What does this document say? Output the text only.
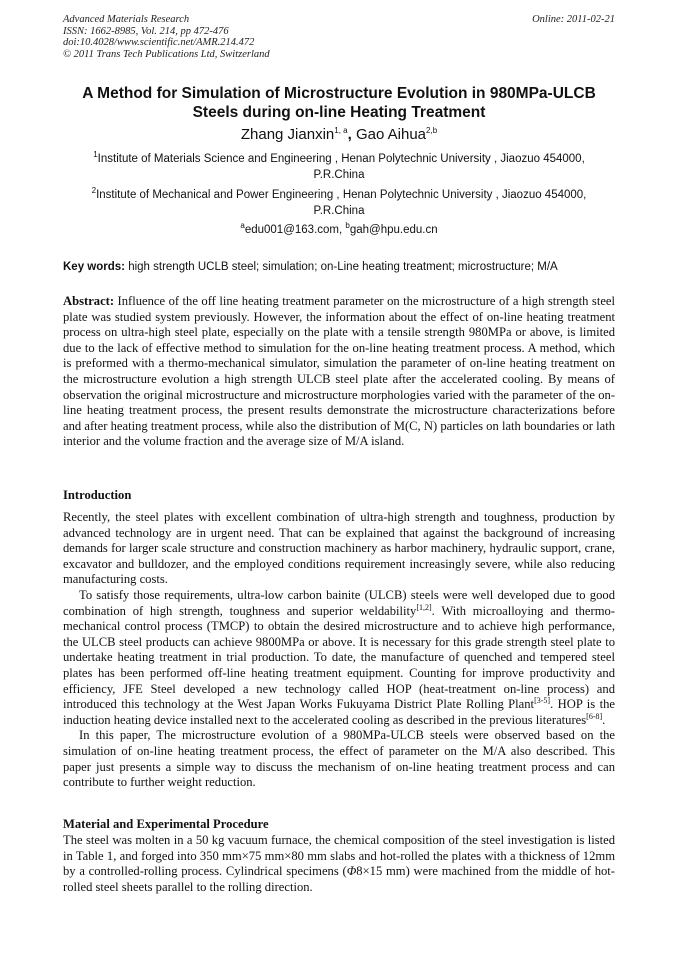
Advanced Materials Research
ISSN: 1662-8985, Vol. 214, pp 472-476
doi:10.4028/www.scientific.net/AMR.214.472
© 2011 Trans Tech Publications Ltd, Switzerland
Online: 2011-02-21
A Method for Simulation of Microstructure Evolution in 980MPa-ULCB
Steels during on-line Heating Treatment
Zhang Jianxin$^{1, a}$, Gao Aihua$^{2,b}$
$^1$Institute of Materials Science and Engineering , Henan Polytechnic University , Jiaozuo 454000,
P.R.China
$^2$Institute of Mechanical and Power Engineering , Henan Polytechnic University , Jiaozuo 454000,
P.R.China
$^a$edu001@163.com, $^b$gah@hpu.edu.cn
Key words: high strength UCLB steel; simulation; on-Line heating treatment; microstructure; M/A

Abstract: Influence of the off line heating treatment parameter on the microstructure of a high strength steel plate was studied system previously. However, the information about the effect of on-line heating treatment process on ultra-high steel plate, especially on the plate with a tensile strength 980MPa or above, is limited due to the lack of effective method to simulation for the on-line heating treatment process. A method, which is preformed with a thermo-mechanical simulator, simulation the parameter of on-line heating treatment on the microstructure evolution a high strength ULCB steel plate after the accelerated cooling. By means of observation the original microstructure and microstructure morphologies varied with the parameter of the on-line heating treatment process, the present results demonstrate the microstructure characterizations before and after heating treatment process, while also the distribution of M(C, N) particles on lath boundaries or lath interior and the volume fraction and the average size of M/A island.

Introduction

Recently, the steel plates with excellent combination of ultra-high strength and toughness, production by advanced technology are in urgent need. That can be explained that against the background of increasing demands for larger scale structure and construction machinery as harbor machinery, hydraulic support, crane, excavator and bulldozer, and the employed conditions requirement increasingly severe, while also reducing manufacturing costs.

To satisfy those requirements, ultra-low carbon bainite (ULCB) steels were well developed due to good combination of high strength, toughness and superior weldability[1,2]. With microalloying and thermo-mechanical control process (TMCP) to obtain the desired microstructure and to achieve high performance, the ULCB steel products can achieve 9800MPa or above. It is necessary for this grade strength steel plate to undertake heating treatment in trial production. To date, the manufacture of quenched and tempered steel plates has been performed off-line heating treatment equipment. Counting for improve productivity and efficiency, JFE Steel developed a new technology called HOP (heat-treatment on-line process) and introduced this technology at the West Japan Works Fukuyama District Plate Rolling Plant[3-5]. HOP is the induction heating device installed next to the accelerated cooling as described in the previous literatures[6-8].

In this paper, The microstructure evolution of a 980MPa-ULCB steels were observed based on the simulation of on-line heating treatment process, the effect of parameter on the M/A also described. This paper just presents a simple way to discuss the mechanism of on-line heating treatment process and can contribute to further weight reduction.

Material and Experimental Procedure

The steel was molten in a 50 kg vacuum furnace, the chemical composition of the steel investigation is listed in Table 1, and forged into 350 mm×75 mm×80 mm slabs and hot-rolled the plates with a thickness of 12mm by a controlled-rolling process. Cylindrical specimens (Φ8×15 mm) were machined from the middle of hot-rolled steel sheets parallel to the rolling direction.
